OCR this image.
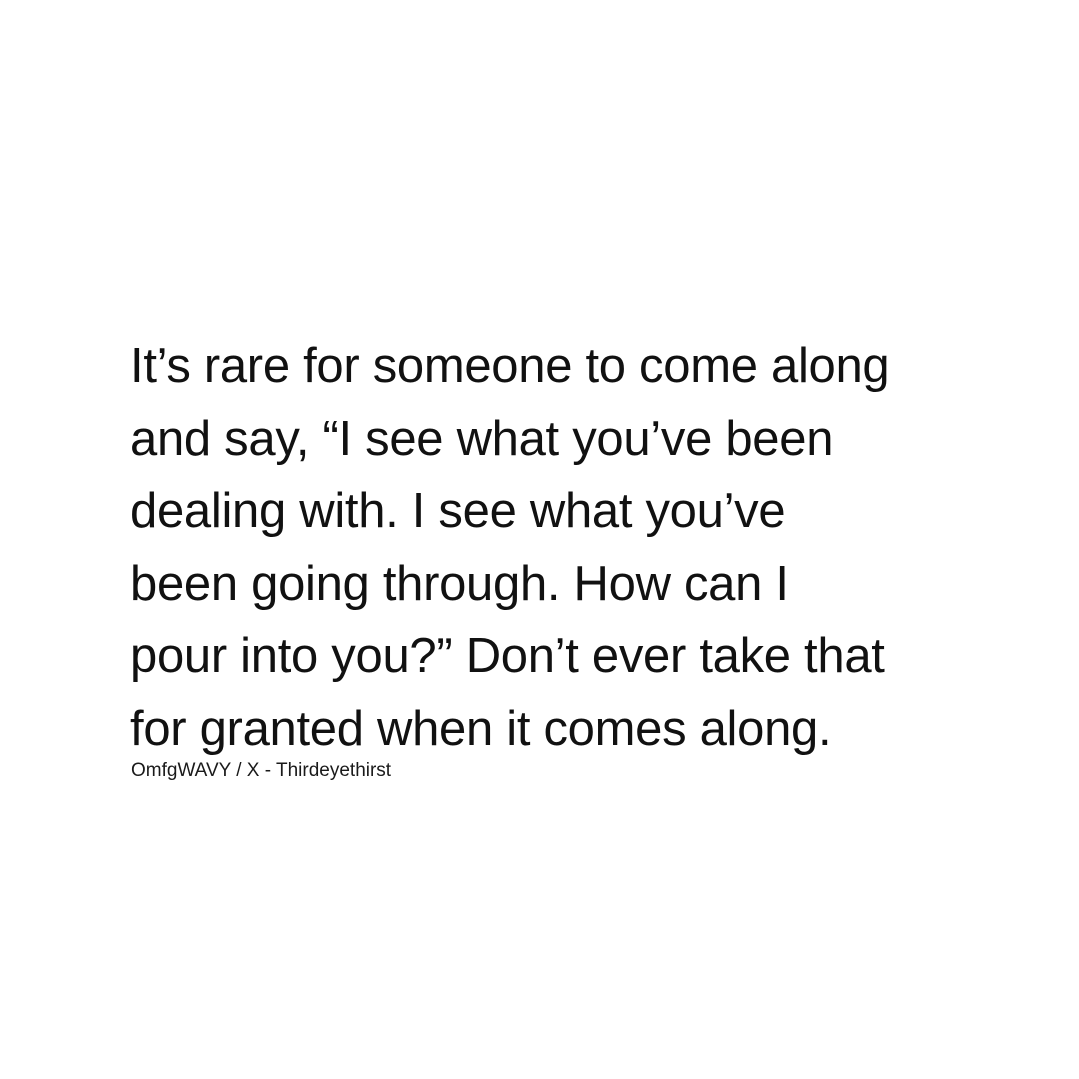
It’s rare for someone to come along
and say, “I see what you’ve been
dealing with. I see what you’ve
been going through. How can I
pour into you?” Don’t ever take that
for granted when it comes along.

OmfgWAVY / X - Thirdeyethirst
